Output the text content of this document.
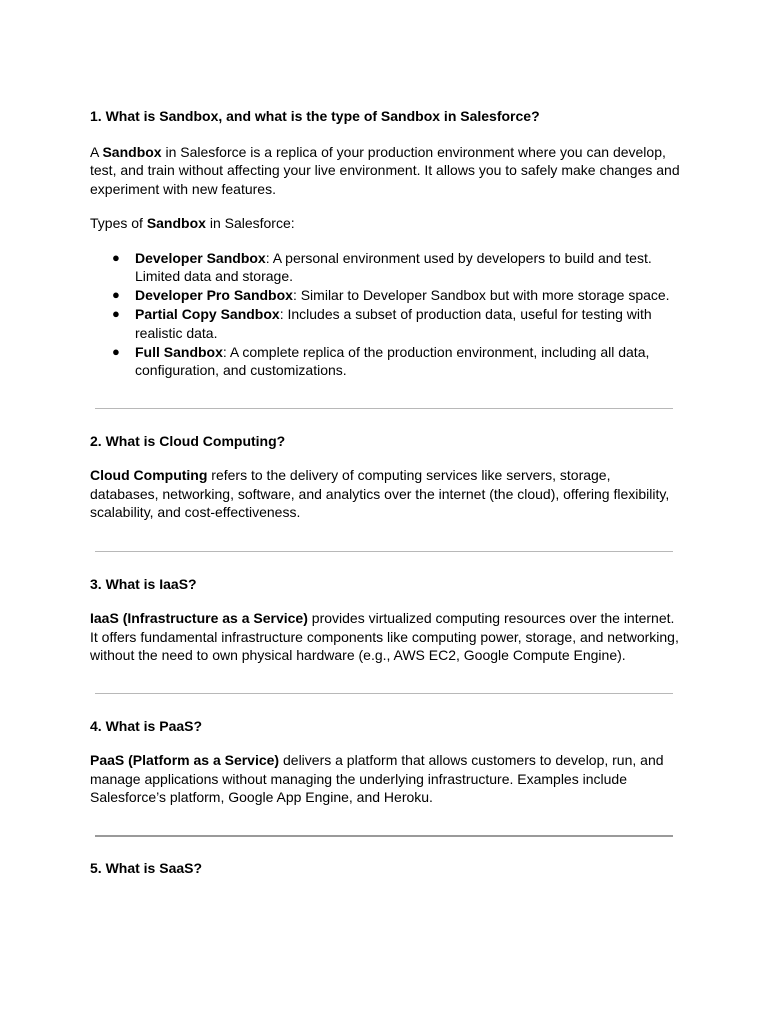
1. What is Sandbox, and what is the type of Sandbox in Salesforce?

A Sandbox in Salesforce is a replica of your production environment where you can develop, test, and train without affecting your live environment. It allows you to safely make changes and experiment with new features.

Types of Sandbox in Salesforce:

● Developer Sandbox: A personal environment used by developers to build and test. Limited data and storage.
● Developer Pro Sandbox: Similar to Developer Sandbox but with more storage space.
● Partial Copy Sandbox: Includes a subset of production data, useful for testing with realistic data.
● Full Sandbox: A complete replica of the production environment, including all data, configuration, and customizations.

2. What is Cloud Computing?

Cloud Computing refers to the delivery of computing services like servers, storage, databases, networking, software, and analytics over the internet (the cloud), offering flexibility, scalability, and cost-effectiveness.

3. What is IaaS?

IaaS (Infrastructure as a Service) provides virtualized computing resources over the internet. It offers fundamental infrastructure components like computing power, storage, and networking, without the need to own physical hardware (e.g., AWS EC2, Google Compute Engine).

4. What is PaaS?

PaaS (Platform as a Service) delivers a platform that allows customers to develop, run, and manage applications without managing the underlying infrastructure. Examples include Salesforce’s platform, Google App Engine, and Heroku.

5. What is SaaS?
